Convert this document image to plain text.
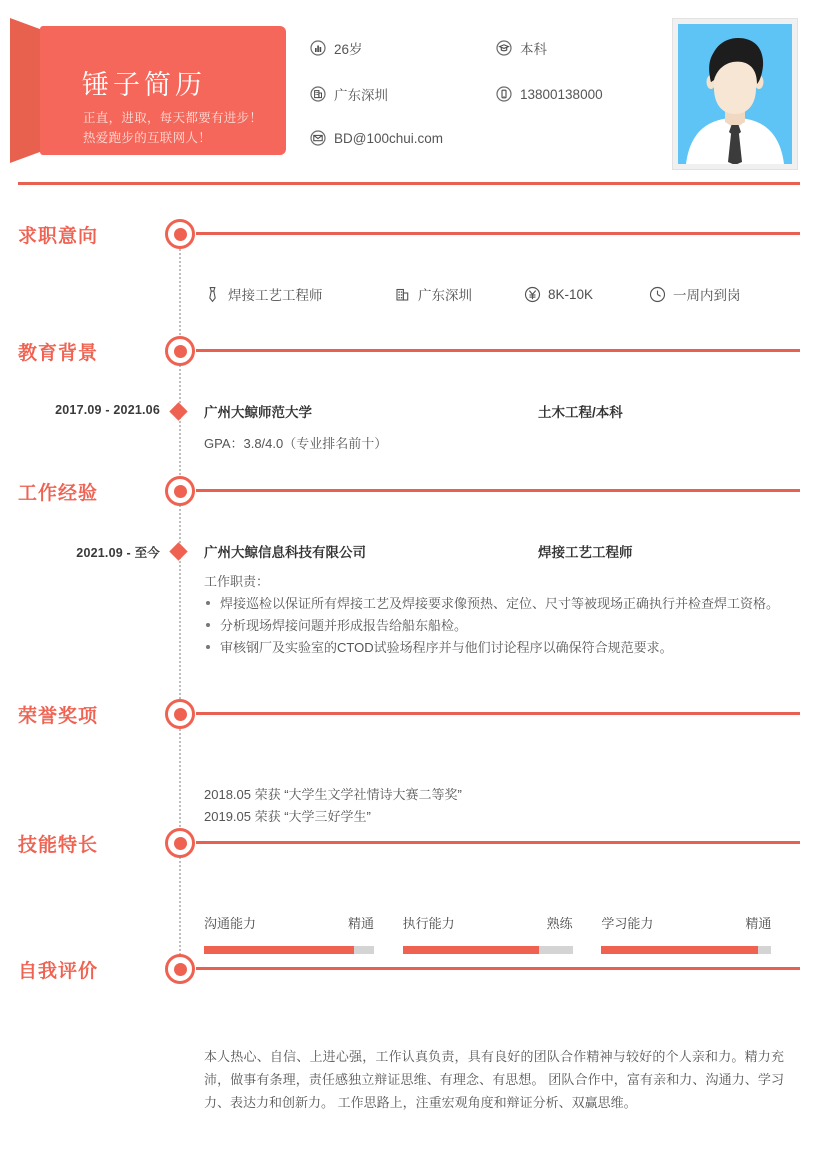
锤子简历
正直，进取，每天都要有进步！热爱跑步的互联网人！
26岁	本科
广东深圳	13800138000
BD@100chui.com
求职意向
焊接工艺工程师	广东深圳	8K-10K	一周内到岗
教育背景
2017.09 - 2021.06	广州大鲸师范大学	土木工程/本科
GPA：3.8/4.0（专业排名前十）
工作经验
2021.09 - 至今	广州大鲸信息科技有限公司	焊接工艺工程师
工作职责：
焊接巡检以保证所有焊接工艺及焊接要求像预热、定位、尺寸等被现场正确执行并检查焊工资格。
分析现场焊接问题并形成报告给船东船检。
审核钢厂及实验室的CTOD试验场程序并与他们讨论程序以确保符合规范要求。
荣誉奖项
2018.05 荣获 “大学生文学社情诗大赛二等奖”
2019.05 荣获 “大学三好学生”
技能特长
沟通能力	精通 执行能力	熟练 学习能力	精通
自我评价

本人热心、自信、上进心强，工作认真负责，具有良好的团队合作精神与较好的个人亲和力。精力充沛，做事有条理，责任感独立辩证思维、有理念、有思想。 团队合作中，富有亲和力、沟通力、学习力、表达力和创新力。 工作思路上，注重宏观角度和辩证分析、双赢思维。
